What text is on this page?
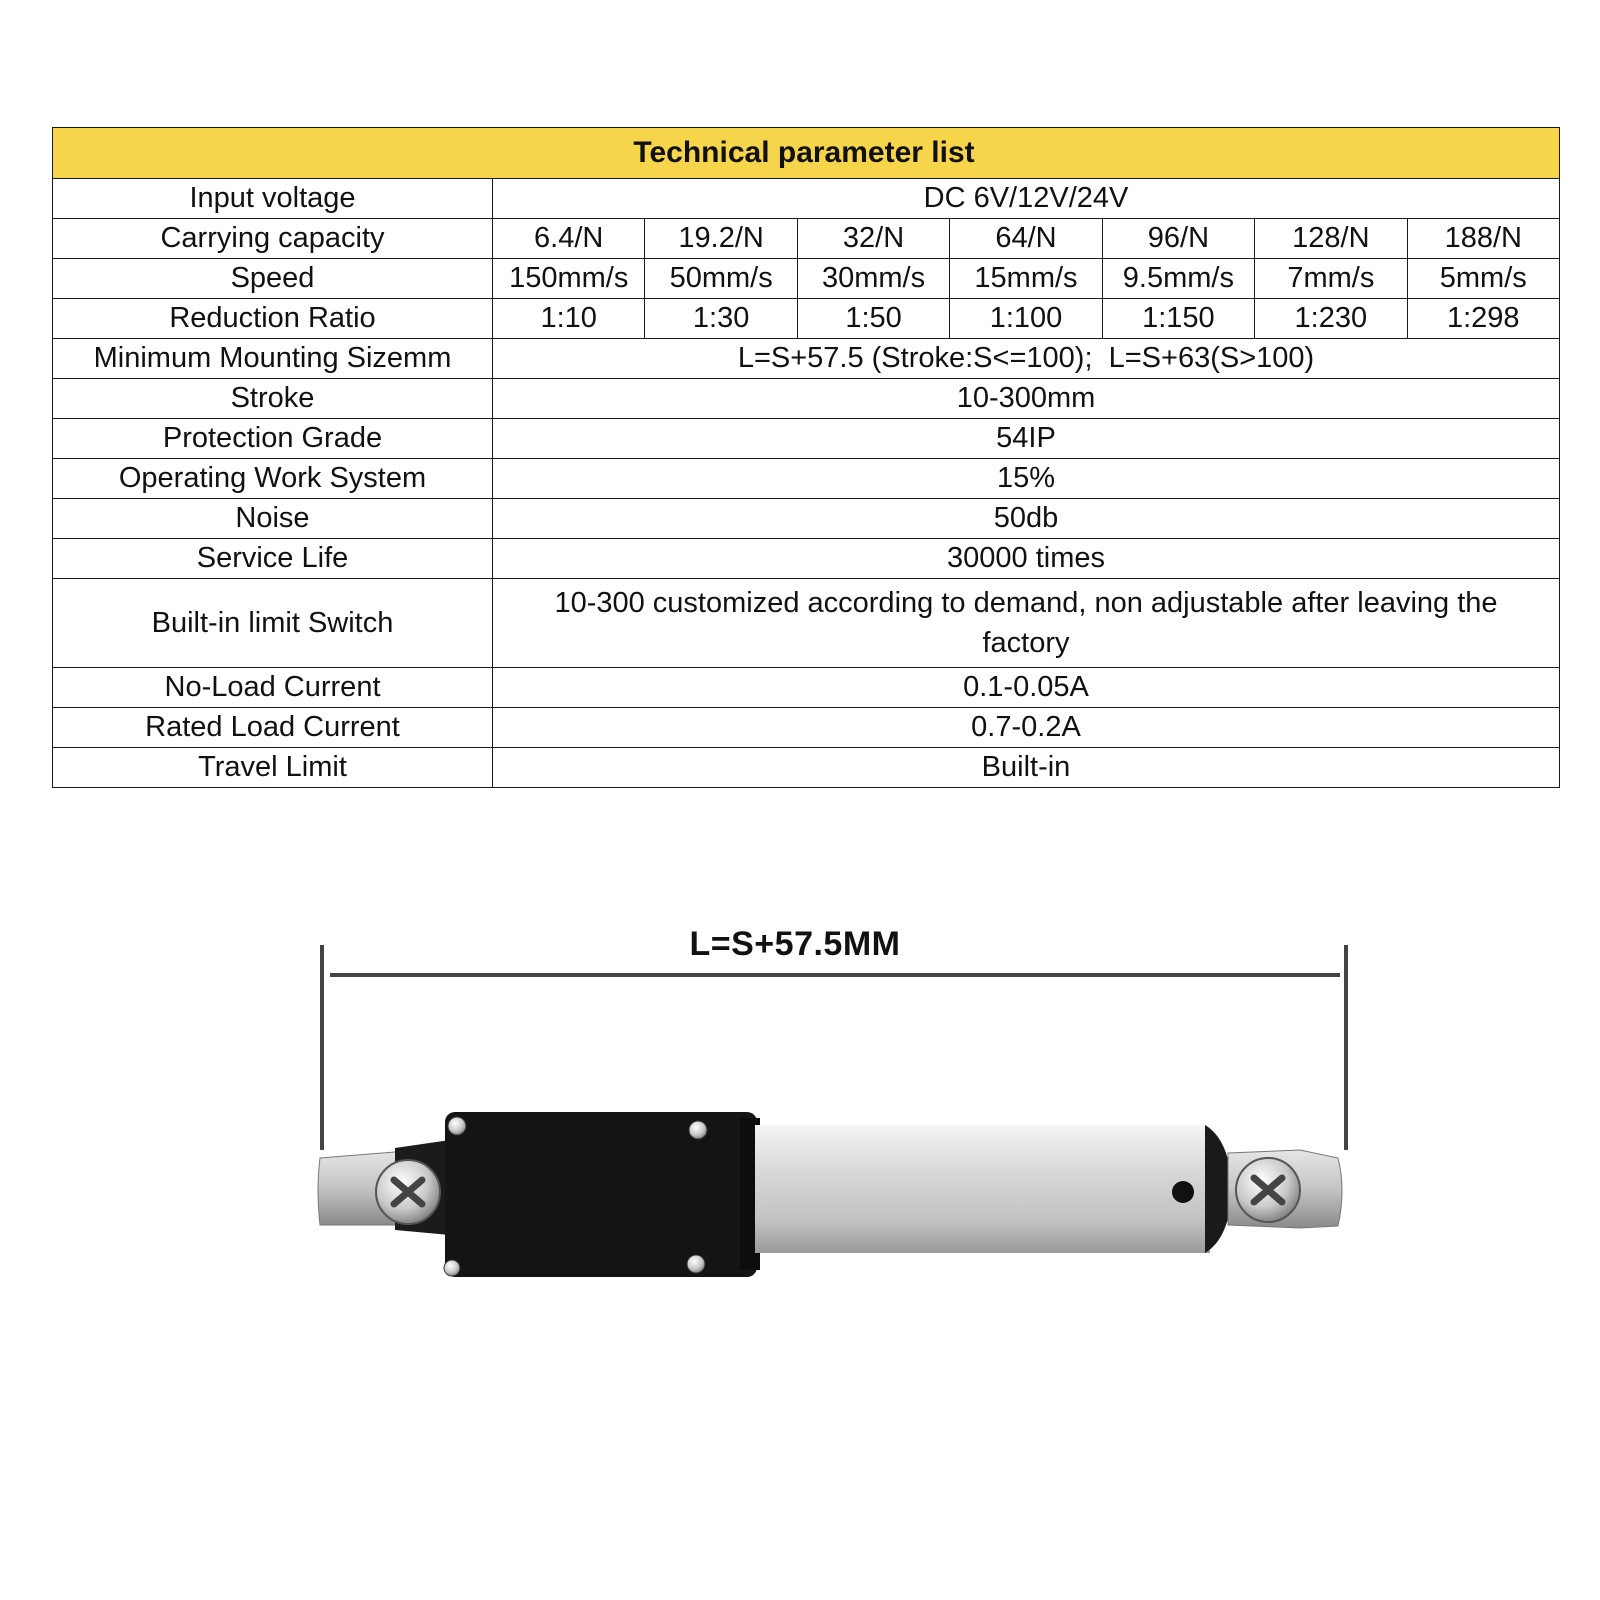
Technical parameter list							
Input voltage	DC 6V/12V/24V						
Carrying capacity	6.4/N	19.2/N	32/N	64/N	96/N	128/N	188/N
Speed	150mm/s	50mm/s	30mm/s	15mm/s	9.5mm/s	7mm/s	5mm/s
Reduction Ratio	1:10	1:30	1:50	1:100	1:150	1:230	1:298
Minimum Mounting Sizemm	L=S+57.5 (Stroke:S<=100);  L=S+63(S>100)						
Stroke	10-300mm						
Protection Grade	54IP						
Operating Work System	15%						
Noise	50db						
Service Life	30000 times						
Built-in limit Switch	10-300 customized according to demand, non adjustable after leaving the factory						
No-Load Current	0.1-0.05A						
Rated Load Current	0.7-0.2A						
Travel Limit	Built-in						
L=S+57.5MM
